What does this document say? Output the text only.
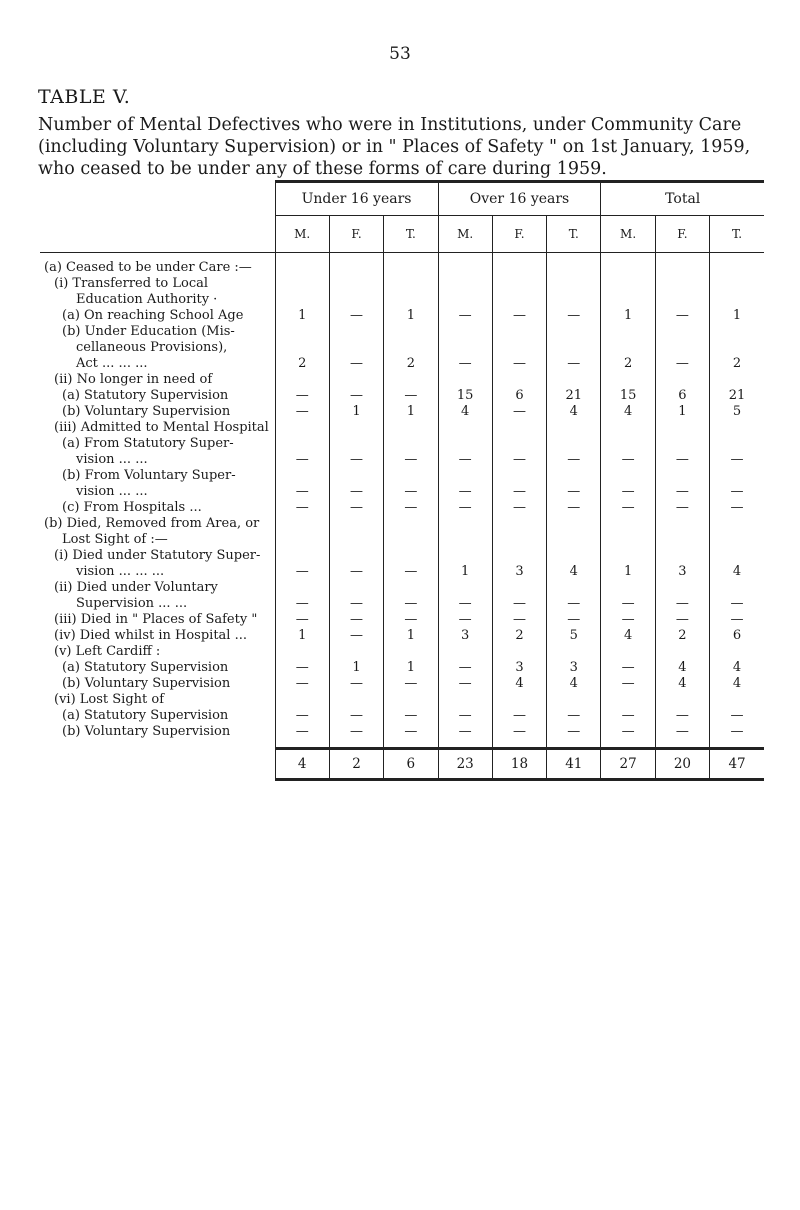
53
TABLE V.
Number of Mental Defectives who were in Institutions, under Community Care (including Voluntary Supervision) or in " Places of Safety " on 1st January, 1959, who ceased to be under any of these forms of care during 1959.
	Under 16 years			Over 16 years			Total		
	M.	F.	T.	M.	F.	T.	M.	F.	T.

(a) Ceased to be under Care :—									
(i) Transferred to Local									
Education Authority ·									
(a) On reaching School Age	1	—	1	—	—	—	1	—	1
(b) Under Education (Mis-									
cellaneous Provisions),									
Act ... ... ...	2	—	2	—	—	—	2	—	2
(ii) No longer in need of									
(a) Statutory Supervision	—	—	—	15	6	21	15	6	21
(b) Voluntary Supervision	—	1	1	4	—	4	4	1	5
(iii) Admitted to Mental Hospital									
(a) From Statutory Super-									
vision ... ...	—	—	—	—	—	—	—	—	—
(b) From Voluntary Super-									
vision ... ...	—	—	—	—	—	—	—	—	—
(c) From Hospitals ...	—	—	—	—	—	—	—	—	—
(b) Died, Removed from Area, or									
Lost Sight of :—									
(i) Died under Statutory Super-									
vision ... ... ...	—	—	—	1	3	4	1	3	4
(ii) Died under Voluntary									
Supervision ... ...	—	—	—	—	—	—	—	—	—
(iii) Died in " Places of Safety "	—	—	—	—	—	—	—	—	—
(iv) Died whilst in Hospital ...	1	—	1	3	2	5	4	2	6
(v) Left Cardiff :									
(a) Statutory Supervision	—	1	1	—	3	3	—	4	4
(b) Voluntary Supervision	—	—	—	—	4	4	—	4	4
(vi) Lost Sight of									
(a) Statutory Supervision	—	—	—	—	—	—	—	—	—
(b) Voluntary Supervision	—	—	—	—	—	—	—	—	—

	4	2	6	23	18	41	27	20	47
